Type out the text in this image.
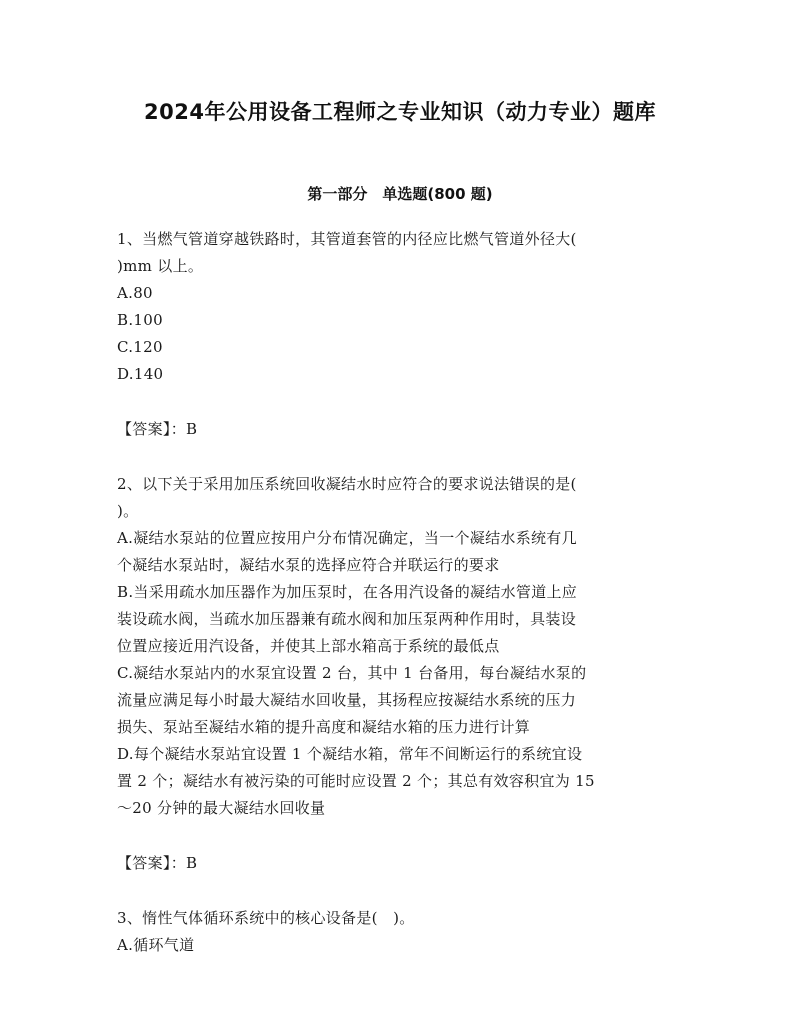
2024年公用设备工程师之专业知识（动力专业）题库
第一部分　单选题(800 题)
1、当燃气管道穿越铁路时，其管道套管的内径应比燃气管道外径大(
)mm 以上。
A.80
B.100
C.120
D.140
【答案】：B
2、以下关于采用加压系统回收凝结水时应符合的要求说法错误的是(
)。
A.凝结水泵站的位置应按用户分布情况确定，当一个凝结水系统有几
个凝结水泵站时，凝结水泵的选择应符合并联运行的要求
B.当采用疏水加压器作为加压泵时，在各用汽设备的凝结水管道上应
装设疏水阀，当疏水加压器兼有疏水阀和加压泵两种作用时，具装设
位置应接近用汽设备，并使其上部水箱高于系统的最低点
C.凝结水泵站内的水泵宜设置 2 台，其中 1 台备用，每台凝结水泵的
流量应满足每小时最大凝结水回收量，其扬程应按凝结水系统的压力
损失、泵站至凝结水箱的提升高度和凝结水箱的压力进行计算
D.每个凝结水泵站宜设置 1 个凝结水箱，常年不间断运行的系统宜设
置 2 个；凝结水有被污染的可能时应设置 2 个；其总有效容积宜为 15
～20 分钟的最大凝结水回收量
【答案】：B
3、惰性气体循环系统中的核心设备是(　)。
A.循环气道
